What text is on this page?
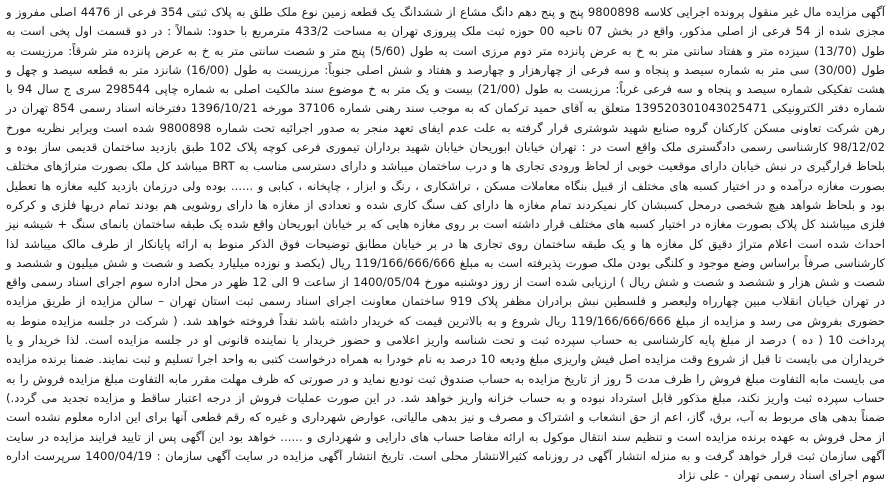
آگهی مزایده مال غیر منقول پرونده اجرایی کلاسه 9800898 پنج و پنج دهم دانگ مشاع از ششدانگ یک قطعه زمین نوع ملک طلق به پلاک ثبتی 354 فرعی از 4476 اصلی مفروز و مجزی شده از 54 فرعی از اصلی مذکور، واقع در بخش 07 ناحیه 00 حوزه ثبت ملک پیروزی تهران به مساحت 433/2 مترمربع با حدود: شمالاً : در دو قسمت اول پخی است به طول (13/70) سیزده متر و هفتاد سانتی متر به خ به عرض پانزده متر دوم مرزی است به طول (5/60) پنج متر و شصت سانتی متر به خ به عرض پانزده متر شرقاً: مرزیست به طول (30/00) سی متر به شماره سیصد و پنجاه و سه فرعی از چهارهزار و چهارصد و هفتاد و شش اصلی جنوباً: مرزیست به طول (16/00) شانزد متر به قطعه سیصد و چهل و هشت تفکیکی شماره سیصد و پنجاه و سه فرعی غرباً: مرزیست به طول (21/00) بیست و یک متر به خ موضوع سند مالکیت اصلی به شماره چاپی 298544 سری ج سال 94 با شماره دفتر الکترونیکی 139520301043025471 متعلق به آقای حمید ترکمان که به موجب سند رهنی شماره 37106 مورخه 1396/10/21 دفترخانه اسناد رسمی 854 تهران در رهن شرکت تعاونی مسکن کارکنان گروه صنایع شهید شوشتری قرار گرفته به علت عدم ایفای تعهد منجر به صدور اجرائیه تحت شماره 9800898 شده است ویرایر نظریه مورخ 98/12/02 کارشناسی رسمی دادگستری ملک واقع است در : تهران خیابان ابوریحان خیابان شهید برداران تیموری فرعی کوچه پلاک 102 طبق بازدید ساختمان قدیمی ساز بوده و بلحاظ قرارگیری در نبش خیابان دارای موقعیت خوبی از لحاظ ورودی تجاری ها و درب ساختمان میباشد و دارای دسترسی مناسب به BRT میباشد کل ملک بصورت متراژهای مختلف بصورت مغازه درآمده و در اختیار کسبه های مختلف از قبیل بنگاه معاملات مسکن ، تراشکاری ، رنگ و ابزار ، چاپخانه ، کبابی و ...... بوده ولی درزمان بازدید کلیه مغازه ها تعطیل بود و بلحاظ شواهد هیچ شخصی درمحل کسبشان کار نمیکردند تمام مغازه ها دارای کف سنگ کاری شده و تعدادی از مغازه ها دارای روشویی هم بودند تمام دربها فلزی و کرکره فلزی میباشند کل پلاک بصورت مغازه در اختیار کسبه های مختلف قرار داشته است بر روی مغازه هایی که بر خیابان ابوریحان واقع شده یک طبقه ساختمان بانمای سنگ + شیشه نیز احداث شده است اعلام متراژ دقیق کل مغازه ها و یک طبقه ساختمان روی تجاری ها در بر خیابان مطابق توضیحات فوق الذکر منوط به ارائه پایانکار از طرف مالک میباشد لذا کارشناسی صرفاً براساس وضع موجود و کلنگی بودن ملک صورت پذیرفته است به مبلغ 119/166/666/666 ریال (یکصد و نوزده میلیارد یکصد و شصت و شش میلیون و ششصد و شصت و شش هزار و ششصد و شصت و شش ریال ) ارزیابی شده است از روز دوشنبه مورخ 1400/05/04 از ساعت 9 الی 12 ظهر در محل اداره سوم اجرای اسناد رسمی واقع در تهران خیابان انقلاب مبین چهارراه ولیعصر و فلسطین نبش برادران مظفر پلاک 919 ساختمان معاونت اجرای اسناد رسمی ثبت استان تهران – سالن مزایده از طریق مزایده حضوری بفروش می رسد و مزایده از مبلغ 119/166/666/666 ریال شروع و به بالاترین قیمت که خریدار داشته باشد نقداً فروخته خواهد شد. ( شرکت در جلسه مزایده منوط به پرداخت 10 ( ده ) درصد از مبلغ پایه کارشناسی به حساب سپرده ثبت و تحت شناسه واریز اعلامی و حضور خریدار یا نماینده قانونی او در جلسه مزایده است. لذا خریدار و یا خریداران می بایست تا قبل از شروع وقت مزایده اصل فیش واریزی مبلغ ودیعه 10 درصد به نام خودرا به همراه درخواست کتبی به واحد اجرا تسلیم و ثبت نمایند. ضمنا برنده مزایده می بایست مابه التفاوت مبلغ فروش را ظرف مدت 5 روز از تاریخ مزایده به حساب صندوق ثبت تودیع نماید و در صورتی که ظرف مهلت مقرر مابه التفاوت مبلغ مزایده فروش را به حساب سپرده ثبت واریز نکند، مبلغ مذکور قابل استرداد نبوده و به حساب خزانه واریز خواهد شد. در این صورت عملیات فروش از درجه اعتبار ساقط و مزایده تجدید می گردد.) ضمناً بدهی های مربوط به آب، برق، گاز، اعم از حق انشعاب و اشتراک و مصرف و نیز بدهی مالیاتی، عوارض شهرداری و غیره که رقم قطعی آنها برای این اداره معلوم نشده است از محل فروش به عهده برنده مزایده است و تنظیم سند انتقال موکول به ارائه مفاصا حساب های دارایی و شهرداری و ...... خواهد بود این آگهی پس از تایید فرایند مزایده در سایت آگهی سازمان ثبت قرار خواهد گرفت و به منزله انتشار آگهی در روزنامه کثیرالانتشار محلی است. تاریخ انتشار آگهی مزایده در سایت آگهی سازمان : 1400/04/19 سرپرست اداره سوم اجرای اسناد رسمی تهران - علی نژاد
